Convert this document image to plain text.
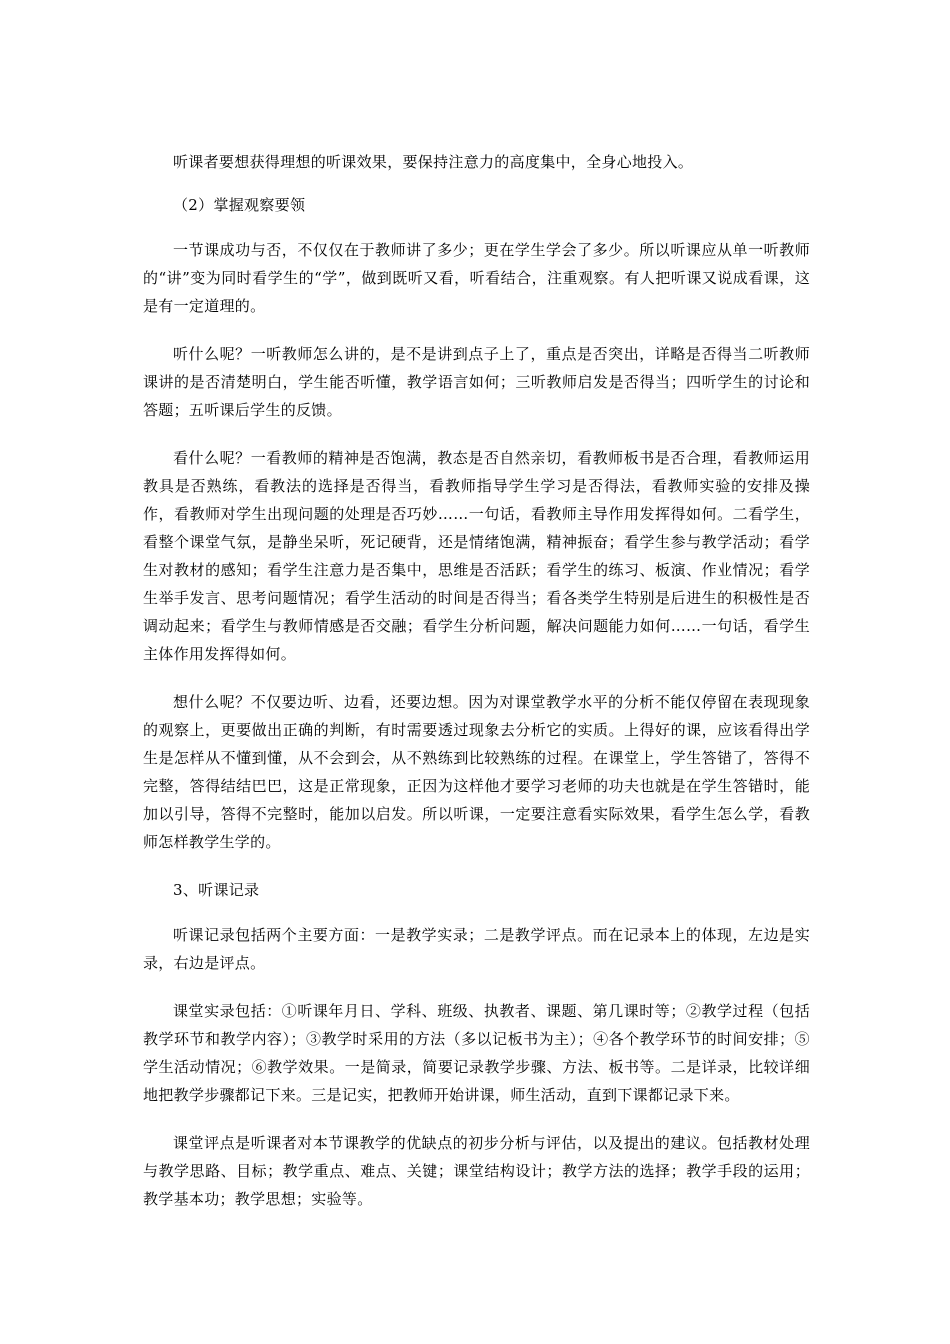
听课者要想获得理想的听课效果，要保持注意力的高度集中，全身心地投入。

（2）掌握观察要领

一节课成功与否，不仅仅在于教师讲了多少；更在学生学会了多少。所以听课应从单一听教师的“讲”变为同时看学生的“学”，做到既听又看，听看结合，注重观察。有人把听课又说成看课，这是有一定道理的。

听什么呢？一听教师怎么讲的，是不是讲到点子上了，重点是否突出，详略是否得当二听教师课讲的是否清楚明白，学生能否听懂，教学语言如何；三听教师启发是否得当；四听学生的讨论和答题；五听课后学生的反馈。

看什么呢？一看教师的精神是否饱满，教态是否自然亲切，看教师板书是否合理，看教师运用教具是否熟练，看教法的选择是否得当，看教师指导学生学习是否得法，看教师实验的安排及操作，看教师对学生出现问题的处理是否巧妙……一句话，看教师主导作用发挥得如何。二看学生，看整个课堂气氛，是静坐呆听，死记硬背，还是情绪饱满，精神振奋；看学生参与教学活动；看学生对教材的感知；看学生注意力是否集中，思维是否活跃；看学生的练习、板演、作业情况；看学生举手发言、思考问题情况；看学生活动的时间是否得当；看各类学生特别是后进生的积极性是否调动起来；看学生与教师情感是否交融；看学生分析问题，解决问题能力如何……一句话，看学生主体作用发挥得如何。

想什么呢？不仅要边听、边看，还要边想。因为对课堂教学水平的分析不能仅停留在表现现象的观察上，更要做出正确的判断，有时需要透过现象去分析它的实质。上得好的课，应该看得出学生是怎样从不懂到懂，从不会到会，从不熟练到比较熟练的过程。在课堂上，学生答错了，答得不完整，答得结结巴巴，这是正常现象，正因为这样他才要学习老师的功夫也就是在学生答错时，能加以引导，答得不完整时，能加以启发。所以听课，一定要注意看实际效果，看学生怎么学，看教师怎样教学生学的。

3、听课记录

听课记录包括两个主要方面：一是教学实录；二是教学评点。而在记录本上的体现，左边是实录，右边是评点。

课堂实录包括：①听课年月日、学科、班级、执教者、课题、第几课时等；②教学过程（包括教学环节和教学内容）；③教学时采用的方法（多以记板书为主）；④各个教学环节的时间安排；⑤学生活动情况；⑥教学效果。一是简录，简要记录教学步骤、方法、板书等。二是详录，比较详细地把教学步骤都记下来。三是记实，把教师开始讲课，师生活动，直到下课都记录下来。

课堂评点是听课者对本节课教学的优缺点的初步分析与评估，以及提出的建议。包括教材处理与教学思路、目标；教学重点、难点、关键；课堂结构设计；教学方法的选择；教学手段的运用；教学基本功；教学思想；实验等。
